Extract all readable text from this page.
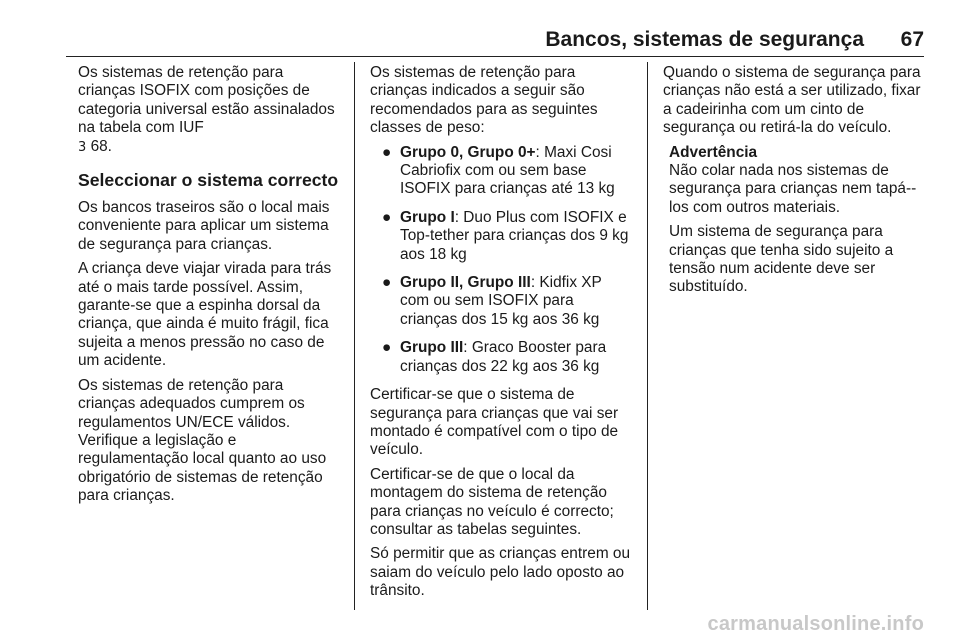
Bancos, sistemas de segurança 67

Os sistemas de retenção para crianças ISOFIX com posições de categoria universal estão assinalados na tabela com IUF
3 68.

Seleccionar o sistema correcto

Os bancos traseiros são o local mais conveniente para aplicar um sistema de segurança para crianças.

A criança deve viajar virada para trás até o mais tarde possível. Assim, garante-se que a espinha dorsal da criança, que ainda é muito frágil, fica sujeita a menos pressão no caso de um acidente.

Os sistemas de retenção para crianças adequados cumprem os regulamentos UN/ECE válidos. Verifique a legislação e regulamentação local quanto ao uso obrigatório de sistemas de retenção para crianças.

Os sistemas de retenção para crianças indicados a seguir são recomendados para as seguintes classes de peso:

● Grupo 0, Grupo 0+: Maxi Cosi Cabriofix com ou sem base ISOFIX para crianças até 13 kg
● Grupo I: Duo Plus com ISOFIX e Top-tether para crianças dos 9 kg aos 18 kg
● Grupo II, Grupo III: Kidfix XP com ou sem ISOFIX para crianças dos 15 kg aos 36 kg
● Grupo III: Graco Booster para crianças dos 22 kg aos 36 kg

Certificar-se que o sistema de segurança para crianças que vai ser montado é compatível com o tipo de veículo.

Certificar-se de que o local da montagem do sistema de retenção para crianças no veículo é correcto; consultar as tabelas seguintes.

Só permitir que as crianças entrem ou saiam do veículo pelo lado oposto ao trânsito.

Quando o sistema de segurança para crianças não está a ser utilizado, fixar a cadeirinha com um cinto de segurança ou retirá-la do veículo.

Advertência

Não colar nada nos sistemas de segurança para crianças nem tapá--los com outros materiais.

Um sistema de segurança para crianças que tenha sido sujeito a tensão num acidente deve ser substituído.

carmanualsonline.info
